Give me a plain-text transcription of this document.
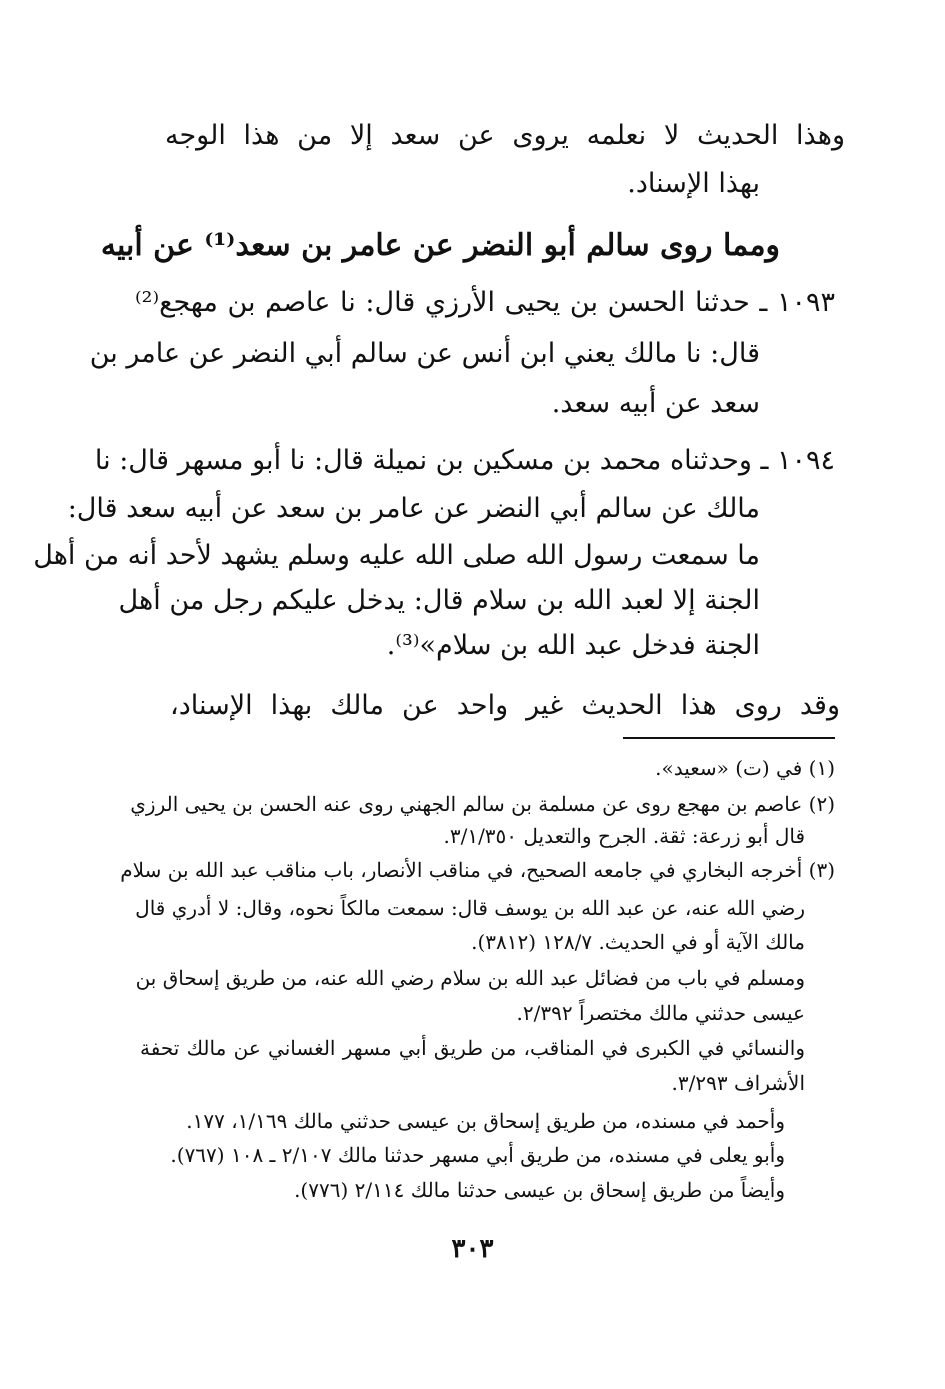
وهذا الحديث لا نعلمه يروى عن سعد إلا من هذا الوجه
بهذا الإسناد.
ومما روى سالم أبو النضر عن عامر بن سعد⁽¹⁾ عن أبيه
١٠٩٣ ـ حدثنا الحسن بن يحيى الأرزي قال: نا عاصم بن مهجع⁽²⁾
قال: نا مالك يعني ابن أنس عن سالم أبي النضر عن عامر بن
سعد عن أبيه سعد.
١٠٩٤ ـ وحدثناه محمد بن مسكين بن نميلة قال: نا أبو مسهر قال: نا
مالك عن سالم أبي النضر عن عامر بن سعد عن أبيه سعد قال:
ما سمعت رسول الله صلى الله عليه وسلم يشهد لأحد أنه من أهل
الجنة إلا لعبد الله بن سلام قال: يدخل عليكم رجل من أهل
الجنة فدخل عبد الله بن سلام»⁽³⁾.
وقد روى هذا الحديث غير واحد عن مالك بهذا الإسناد،
(١) في (ت) «سعيد».
(٢) عاصم بن مهجع روى عن مسلمة بن سالم الجهني روى عنه الحسن بن يحيى الرزي
قال أبو زرعة: ثقة. الجرح والتعديل ٣/١/٣٥٠.
(٣) أخرجه البخاري في جامعه الصحيح، في مناقب الأنصار، باب مناقب عبد الله بن سلام
رضي الله عنه، عن عبد الله بن يوسف قال: سمعت مالكاً نحوه، وقال: لا أدري قال
مالك الآية أو في الحديث. ١٢٨/٧ (٣٨١٢).
ومسلم في باب من فضائل عبد الله بن سلام رضي الله عنه، من طريق إسحاق بن
عيسى حدثني مالك مختصراً ٢/٣٩٢.
والنسائي في الكبرى في المناقب، من طريق أبي مسهر الغساني عن مالك تحفة
الأشراف ٣/٢٩٣.
وأحمد في مسنده، من طريق إسحاق بن عيسى حدثني مالك ١/١٦٩، ١٧٧.
وأبو يعلى في مسنده، من طريق أبي مسهر حدثنا مالك ٢/١٠٧ ـ ١٠٨ (٧٦٧).
وأيضاً من طريق إسحاق بن عيسى حدثنا مالك ٢/١١٤ (٧٧٦).
٣٠٣
